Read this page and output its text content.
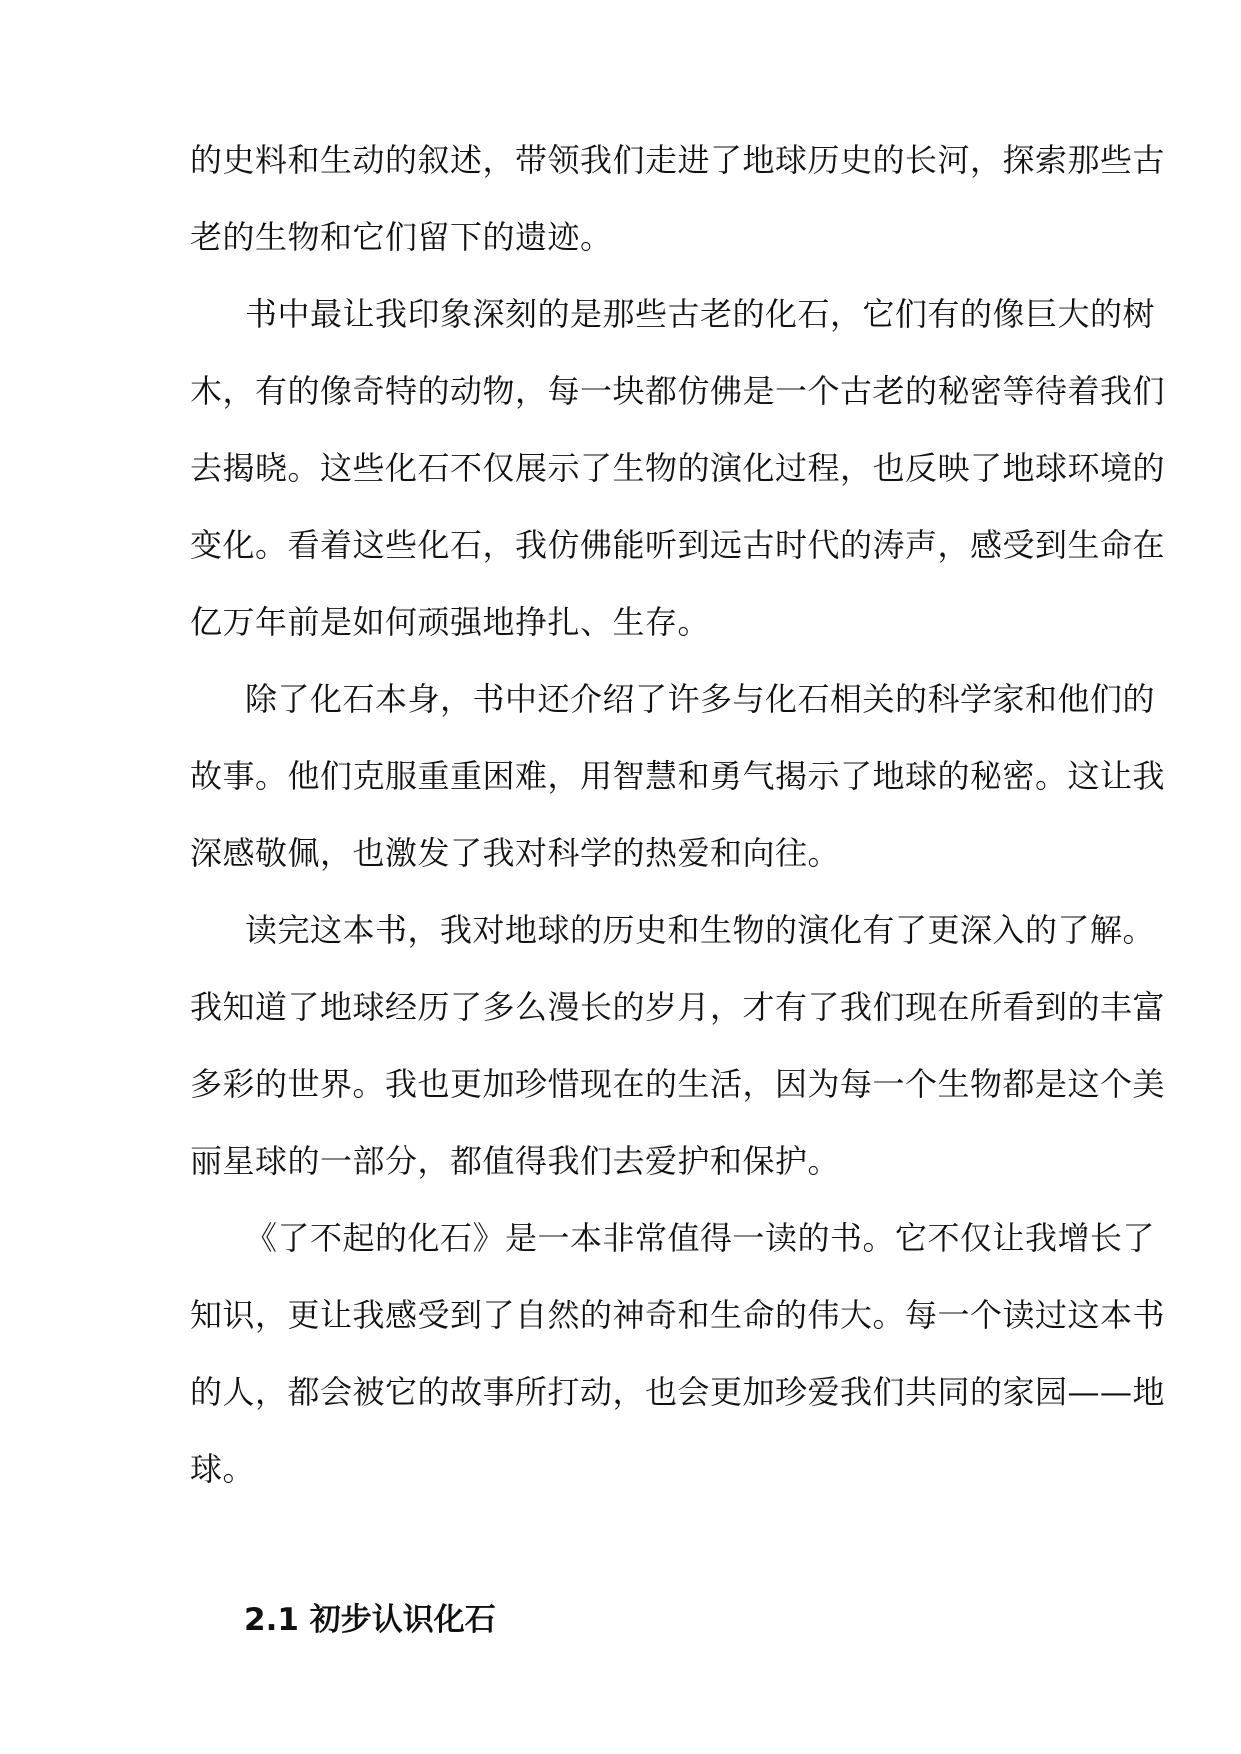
的史料和生动的叙述，带领我们走进了地球历史的长河，探索那些古
老的生物和它们留下的遗迹。
书中最让我印象深刻的是那些古老的化石，它们有的像巨大的树
木，有的像奇特的动物，每一块都仿佛是一个古老的秘密等待着我们
去揭晓。这些化石不仅展示了生物的演化过程，也反映了地球环境的
变化。看着这些化石，我仿佛能听到远古时代的涛声，感受到生命在
亿万年前是如何顽强地挣扎、生存。
除了化石本身，书中还介绍了许多与化石相关的科学家和他们的
故事。他们克服重重困难，用智慧和勇气揭示了地球的秘密。这让我
深感敬佩，也激发了我对科学的热爱和向往。
读完这本书，我对地球的历史和生物的演化有了更深入的了解。
我知道了地球经历了多么漫长的岁月，才有了我们现在所看到的丰富
多彩的世界。我也更加珍惜现在的生活，因为每一个生物都是这个美
丽星球的一部分，都值得我们去爱护和保护。
《了不起的化石》是一本非常值得一读的书。它不仅让我增长了
知识，更让我感受到了自然的神奇和生命的伟大。每一个读过这本书
的人，都会被它的故事所打动，也会更加珍爱我们共同的家园——地
球。
2.1 初步认识化石
